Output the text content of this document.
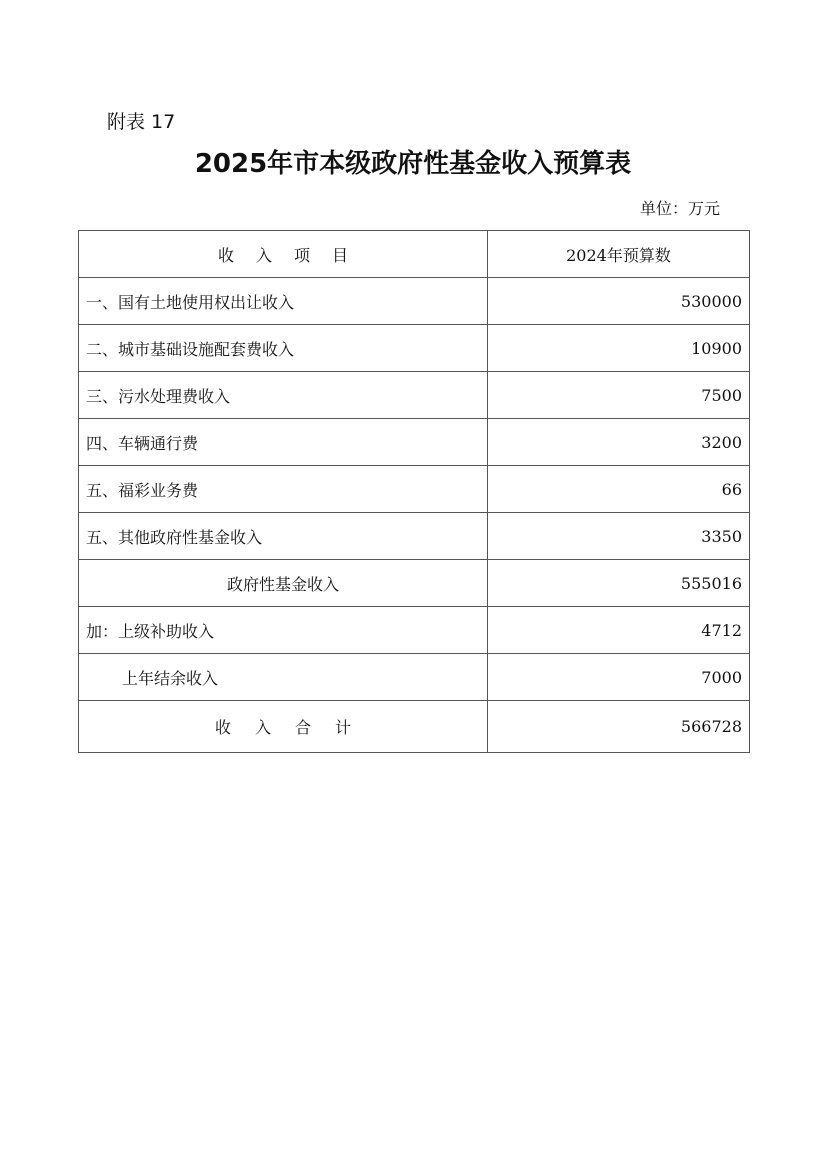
附表 17
2025年市本级政府性基金收入预算表
单位：万元
收入项目	2024年预算数
一、国有土地使用权出让收入	530000
二、城市基础设施配套费收入	10900
三、污水处理费收入	7500
四、车辆通行费	3200
五、福彩业务费	66
五、其他政府性基金收入	3350
政府性基金收入	555016
加：上级补助收入	4712
上年结余收入	7000
收入合计	566728
